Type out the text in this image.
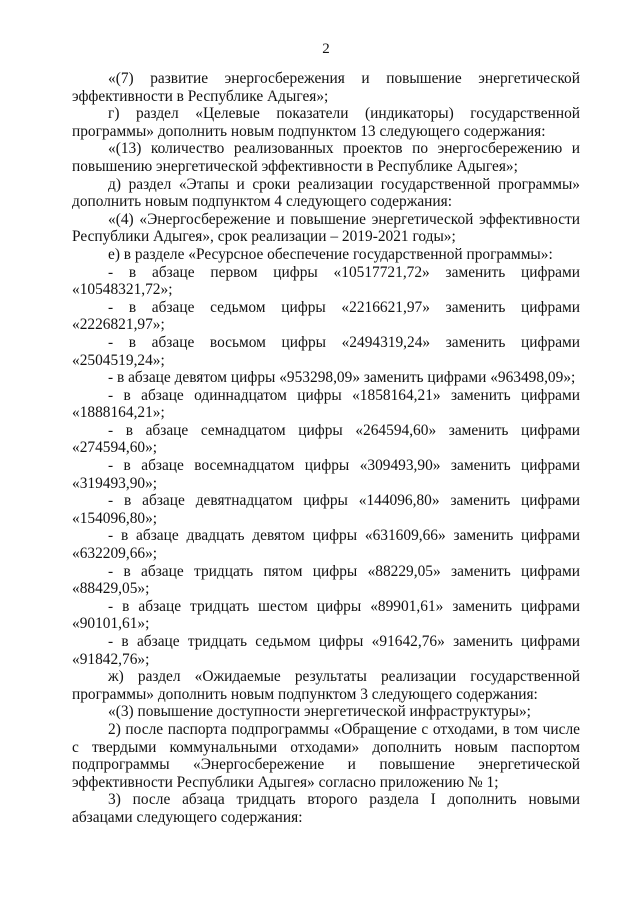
2

«(7) развитие энергосбережения и повышение энергетической эффективности в Республике Адыгея»;

г) раздел «Целевые показатели (индикаторы) государственной программы» дополнить новым подпунктом 13 следующего содержания:

«(13) количество реализованных проектов по энергосбережению и повышению энергетической эффективности в Республике Адыгея»;

д) раздел «Этапы и сроки реализации государственной программы» дополнить новым подпунктом 4 следующего содержания:

«(4) «Энергосбережение и повышение энергетической эффективности Республики Адыгея», срок реализации – 2019-2021 годы»;

е) в разделе «Ресурсное обеспечение государственной программы»:

- в абзаце первом цифры «10517721,72» заменить цифрами «10548321,72»;

- в абзаце седьмом цифры «2216621,97» заменить цифрами «2226821,97»;

- в абзаце восьмом цифры «2494319,24» заменить цифрами «2504519,24»;

- в абзаце девятом цифры «953298,09» заменить цифрами «963498,09»;

- в абзаце одиннадцатом цифры «1858164,21» заменить цифрами «1888164,21»;

- в абзаце семнадцатом цифры «264594,60» заменить цифрами «274594,60»;

- в абзаце восемнадцатом цифры «309493,90» заменить цифрами «319493,90»;

- в абзаце девятнадцатом цифры «144096,80» заменить цифрами «154096,80»;

- в абзаце двадцать девятом цифры «631609,66» заменить цифрами «632209,66»;

- в абзаце тридцать пятом цифры «88229,05» заменить цифрами «88429,05»;

- в абзаце тридцать шестом цифры «89901,61» заменить цифрами «90101,61»;

- в абзаце тридцать седьмом цифры «91642,76» заменить цифрами «91842,76»;

ж) раздел «Ожидаемые результаты реализации государственной программы» дополнить новым подпунктом 3 следующего содержания:

«(3) повышение доступности энергетической инфраструктуры»;

2) после паспорта подпрограммы «Обращение с отходами, в том числе с твердыми коммунальными отходами» дополнить новым паспортом подпрограммы «Энергосбережение и повышение энергетической эффективности Республики Адыгея» согласно приложению № 1;

3) после абзаца тридцать второго раздела I дополнить новыми абзацами следующего содержания:
